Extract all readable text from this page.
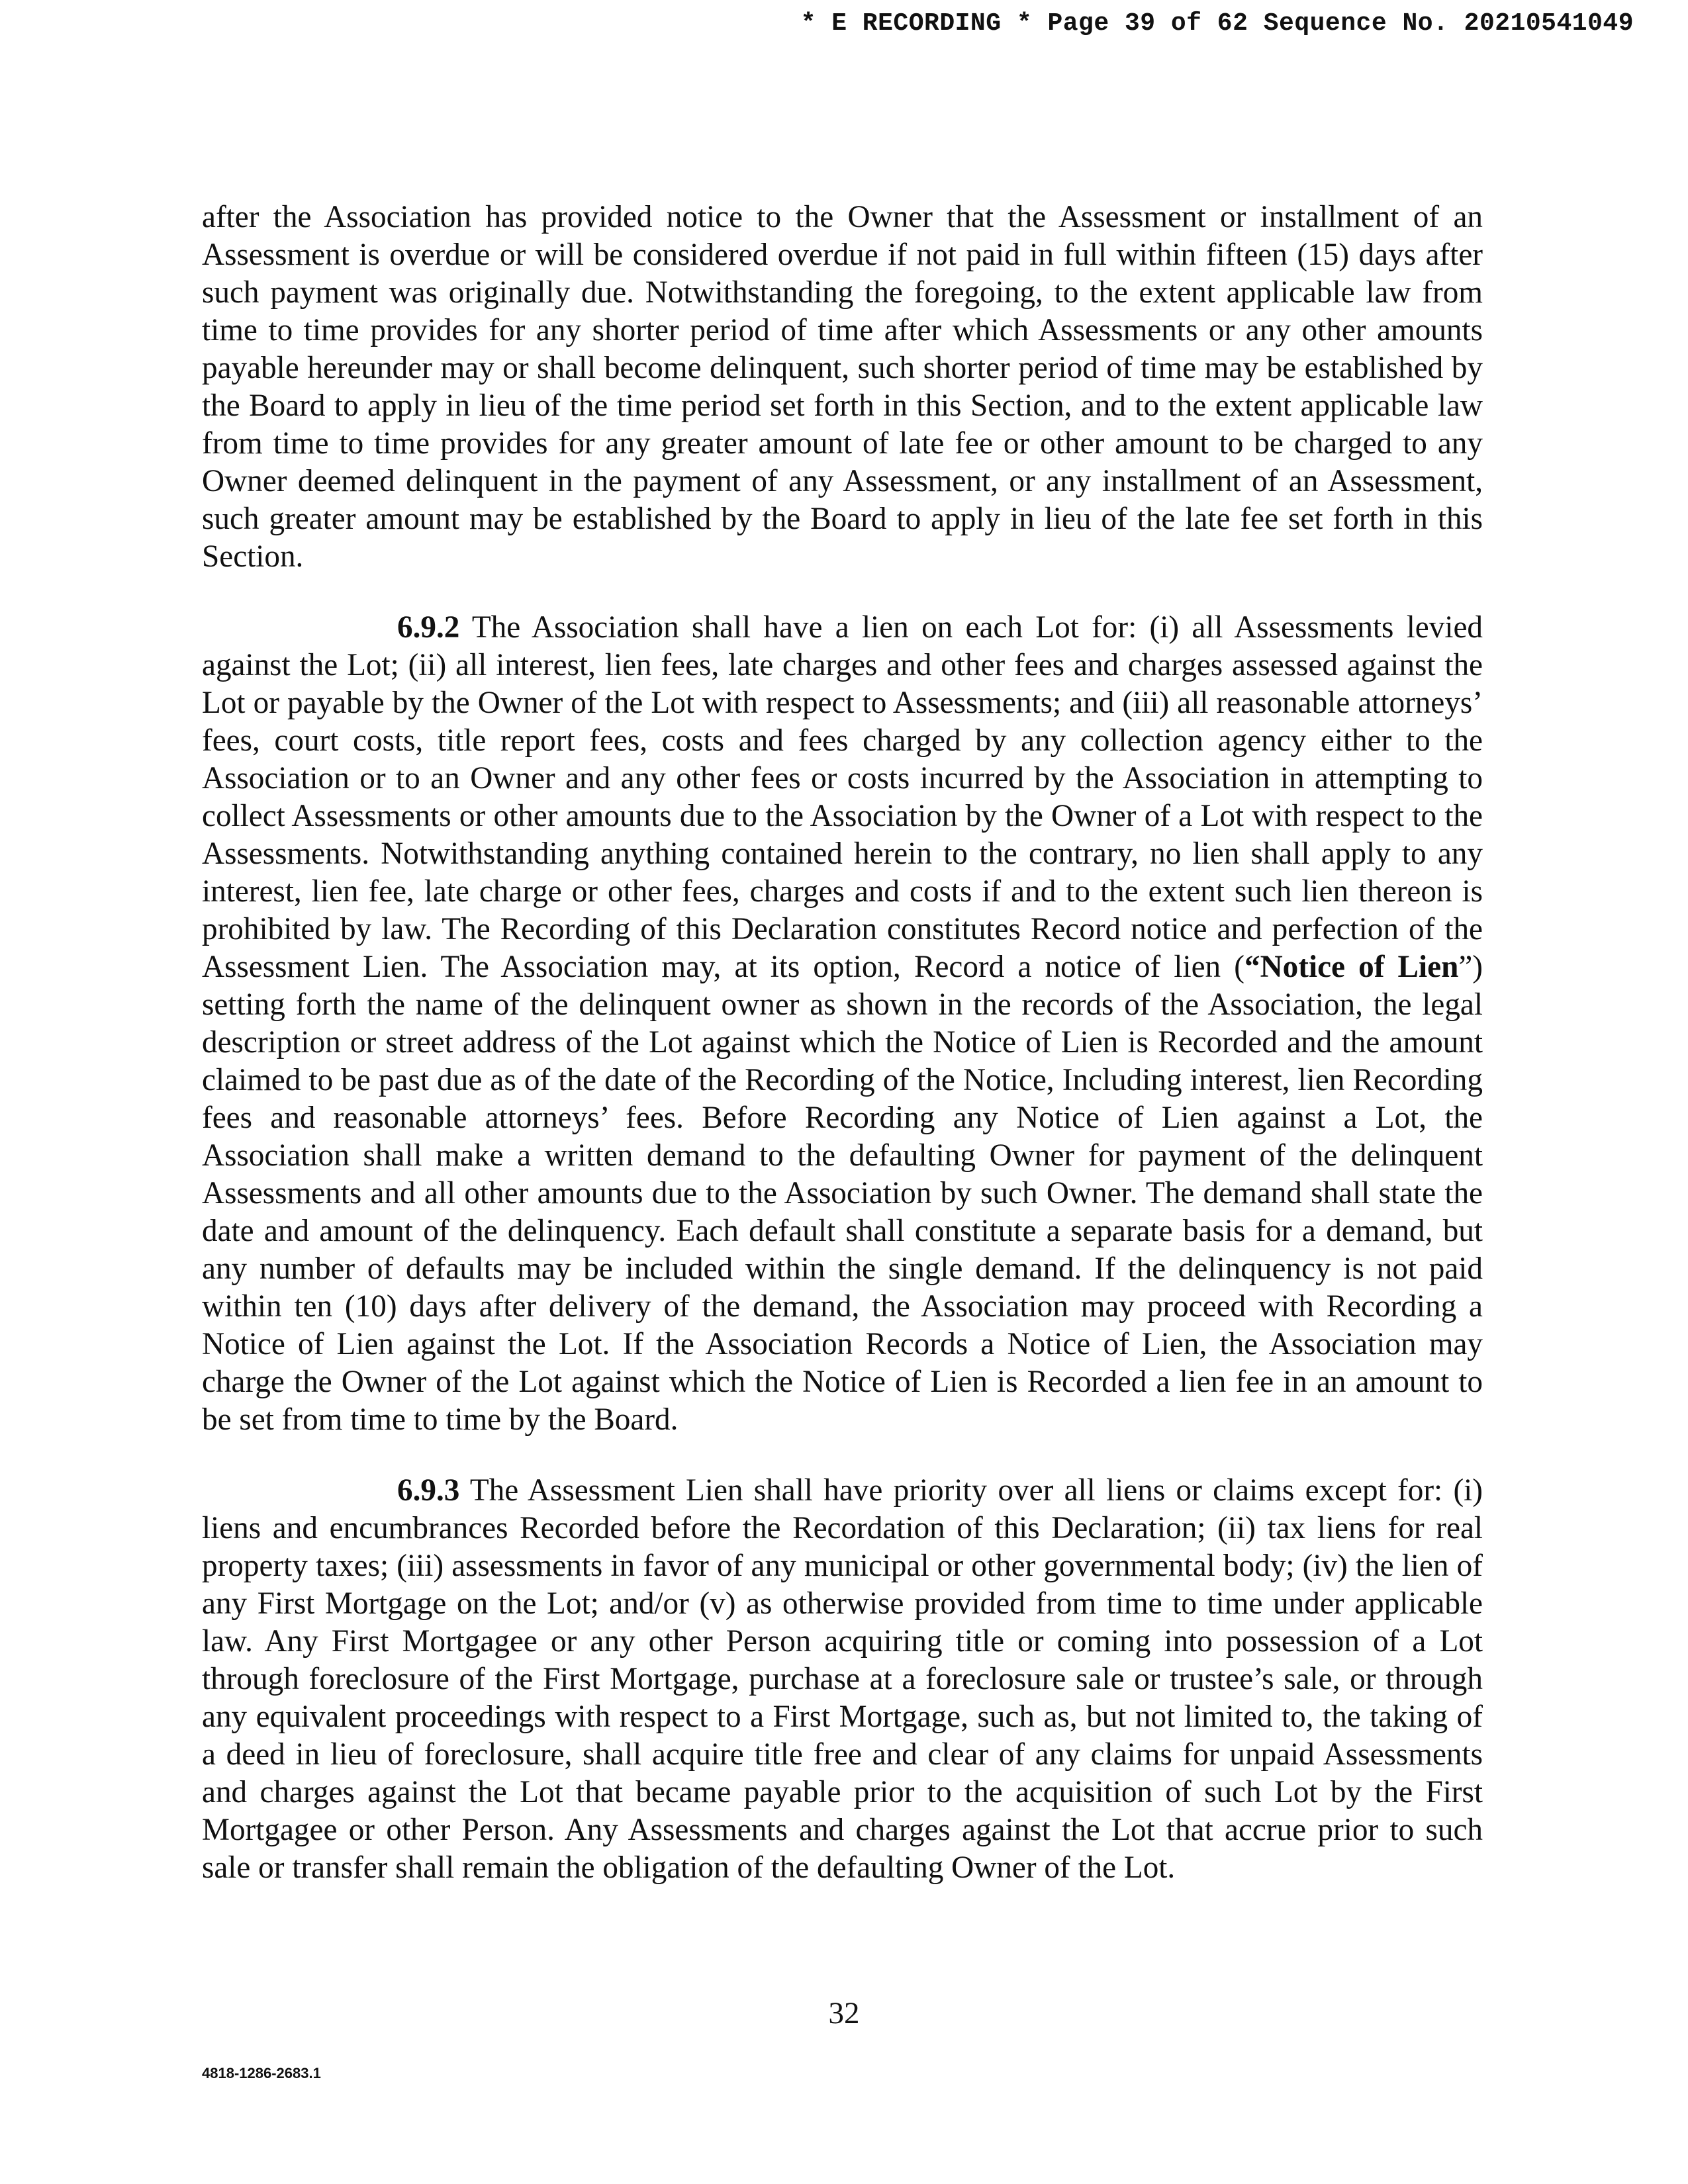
* E RECORDING * Page 39 of 62 Sequence No. 20210541049

after the Association has provided notice to the Owner that the Assessment or installment of an Assessment is overdue or will be considered overdue if not paid in full within fifteen (15) days after such payment was originally due. Notwithstanding the foregoing, to the extent applicable law from time to time provides for any shorter period of time after which Assessments or any other amounts payable hereunder may or shall become delinquent, such shorter period of time may be established by the Board to apply in lieu of the time period set forth in this Section, and to the extent applicable law from time to time provides for any greater amount of late fee or other amount to be charged to any Owner deemed delinquent in the payment of any Assessment, or any installment of an Assessment, such greater amount may be established by the Board to apply in lieu of the late fee set forth in this Section.

6.9.2 The Association shall have a lien on each Lot for: (i) all Assessments levied against the Lot; (ii) all interest, lien fees, late charges and other fees and charges assessed against the Lot or payable by the Owner of the Lot with respect to Assessments; and (iii) all reasonable attorneys’ fees, court costs, title report fees, costs and fees charged by any collection agency either to the Association or to an Owner and any other fees or costs incurred by the Association in attempting to collect Assessments or other amounts due to the Association by the Owner of a Lot with respect to the Assessments. Notwithstanding anything contained herein to the contrary, no lien shall apply to any interest, lien fee, late charge or other fees, charges and costs if and to the extent such lien thereon is prohibited by law. The Recording of this Declaration constitutes Record notice and perfection of the Assessment Lien. The Association may, at its option, Record a notice of lien (“Notice of Lien”) setting forth the name of the delinquent owner as shown in the records of the Association, the legal description or street address of the Lot against which the Notice of Lien is Recorded and the amount claimed to be past due as of the date of the Recording of the Notice, Including interest, lien Recording fees and reasonable attorneys’ fees. Before Recording any Notice of Lien against a Lot, the Association shall make a written demand to the defaulting Owner for payment of the delinquent Assessments and all other amounts due to the Association by such Owner. The demand shall state the date and amount of the delinquency. Each default shall constitute a separate basis for a demand, but any number of defaults may be included within the single demand. If the delinquency is not paid within ten (10) days after delivery of the demand, the Association may proceed with Recording a Notice of Lien against the Lot. If the Association Records a Notice of Lien, the Association may charge the Owner of the Lot against which the Notice of Lien is Recorded a lien fee in an amount to be set from time to time by the Board.

6.9.3 The Assessment Lien shall have priority over all liens or claims except for: (i) liens and encumbrances Recorded before the Recordation of this Declaration; (ii) tax liens for real property taxes; (iii) assessments in favor of any municipal or other governmental body; (iv) the lien of any First Mortgage on the Lot; and/or (v) as otherwise provided from time to time under applicable law. Any First Mortgagee or any other Person acquiring title or coming into possession of a Lot through foreclosure of the First Mortgage, purchase at a foreclosure sale or trustee’s sale, or through any equivalent proceedings with respect to a First Mortgage, such as, but not limited to, the taking of a deed in lieu of foreclosure, shall acquire title free and clear of any claims for unpaid Assessments and charges against the Lot that became payable prior to the acquisition of such Lot by the First Mortgagee or other Person. Any Assessments and charges against the Lot that accrue prior to such sale or transfer shall remain the obligation of the defaulting Owner of the Lot.

32
4818-1286-2683.1
